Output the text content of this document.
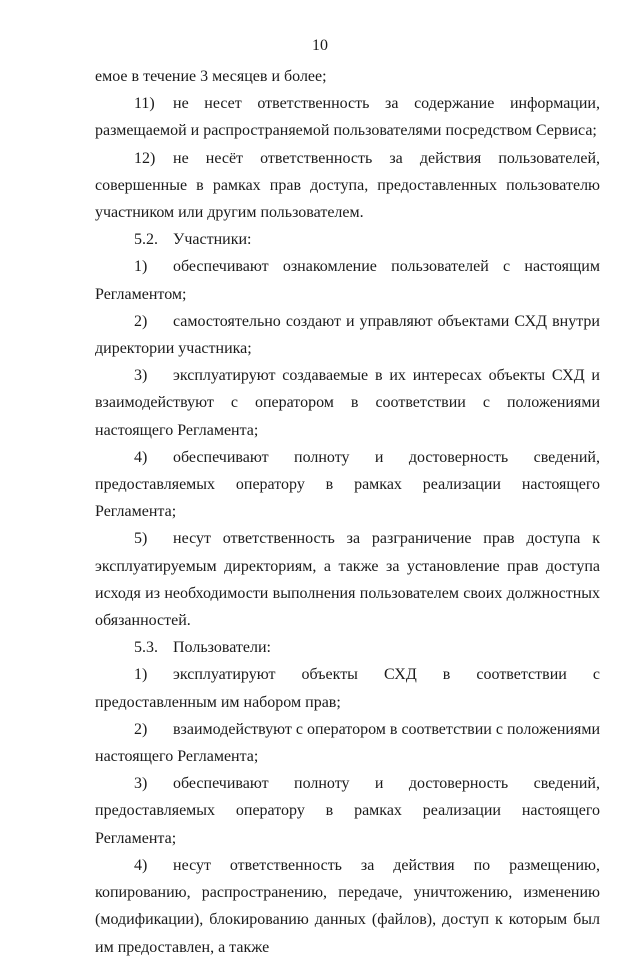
10

емое в течение 3 месяцев и более;

11) не несет ответственность за содержание информации, размещаемой и распространяемой пользователями посредством Сервиса;

12) не несёт ответственность за действия пользователей, совершенные в рамках прав доступа, предоставленных пользователю участником или другим пользователем.

5.2. Участники:

1) обеспечивают ознакомление пользователей с настоящим Регламентом;

2) самостоятельно создают и управляют объектами СХД внутри директории участника;

3) эксплуатируют создаваемые в их интересах объекты СХД и взаимодействуют с оператором в соответствии с положениями настоящего Регламента;

4) обеспечивают полноту и достоверность сведений, предоставляемых оператору в рамках реализации настоящего Регламента;

5) несут ответственность за разграничение прав доступа к эксплуатируемым директориям, а также за установление прав доступа исходя из необходимости выполнения пользователем своих должностных обязанностей.

5.3. Пользователи:

1) эксплуатируют объекты СХД в соответствии с предоставленным им набором прав;

2) взаимодействуют с оператором в соответствии с положениями настоящего Регламента;

3) обеспечивают полноту и достоверность сведений, предоставляемых оператору в рамках реализации настоящего Регламента;

4) несут ответственность за действия по размещению, копированию, распространению, передаче, уничтожению, изменению (модификации), блокированию данных (файлов), доступ к которым был им предоставлен, а также
